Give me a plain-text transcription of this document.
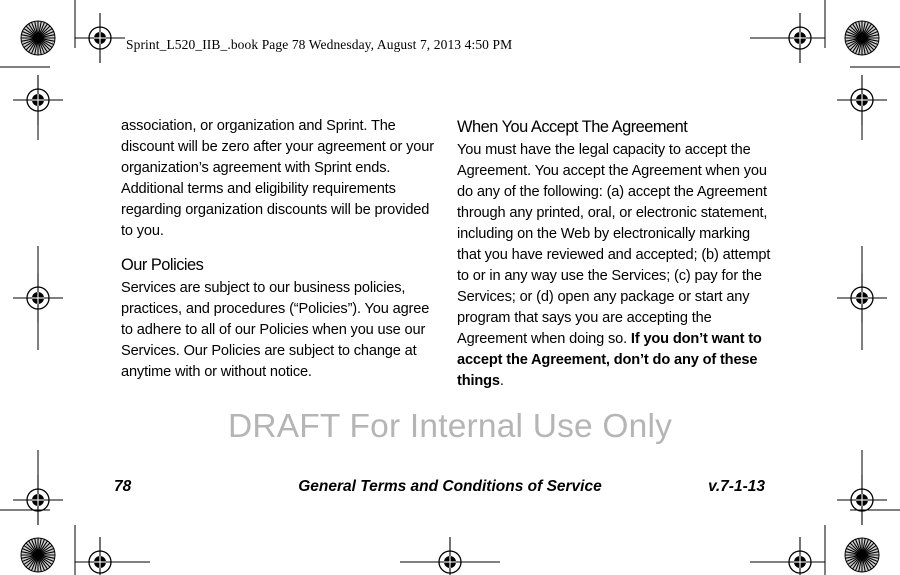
Sprint_L520_IIB_.book Page 78 Wednesday, August 7, 2013 4:50 PM

association, or organization and Sprint. The discount will be zero after your agreement or your organization’s agreement with Sprint ends. Additional terms and eligibility requirements regarding organization discounts will be provided to you.

Our Policies

Services are subject to our business policies, practices, and procedures (“Policies”). You agree to adhere to all of our Policies when you use our Services. Our Policies are subject to change at anytime with or without notice.

When You Accept The Agreement

You must have the legal capacity to accept the Agreement. You accept the Agreement when you do any of the following: (a) accept the Agreement through any printed, oral, or electronic statement, including on the Web by electronically marking that you have reviewed and accepted; (b) attempt to or in any way use the Services; (c) pay for the Services; or (d) open any package or start any program that says you are accepting the Agreement when doing so. If you don’t want to accept the Agreement, don’t do any of these things.

DRAFT For Internal Use Only
78	General Terms and Conditions of Service	v.7-1-13
